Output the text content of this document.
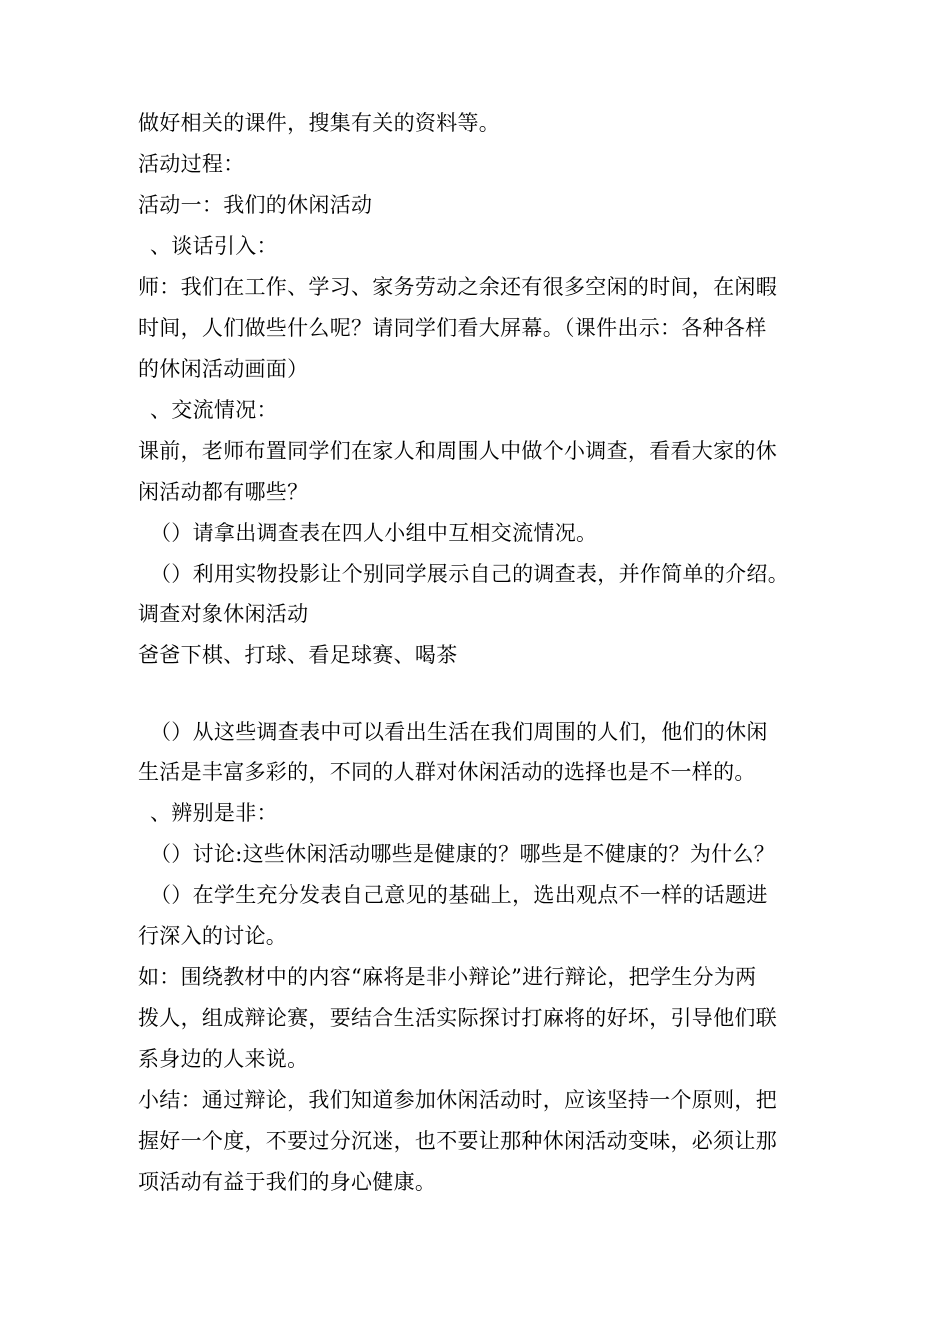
做好相关的课件，搜集有关的资料等。
活动过程：
活动一：我们的休闲活动
、谈话引入：
师：我们在工作、学习、家务劳动之余还有很多空闲的时间，在闲暇
时间，人们做些什么呢？请同学们看大屏幕。（课件出示：各种各样
的休闲活动画面）
、交流情况：
课前，老师布置同学们在家人和周围人中做个小调查，看看大家的休
闲活动都有哪些？
（）请拿出调查表在四人小组中互相交流情况。
（）利用实物投影让个别同学展示自己的调查表，并作简单的介绍。
调查对象休闲活动
爸爸下棋、打球、看足球赛、喝茶
（）从这些调查表中可以看出生活在我们周围的人们，他们的休闲
生活是丰富多彩的，不同的人群对休闲活动的选择也是不一样的。
、辨别是非：
（）讨论:这些休闲活动哪些是健康的？哪些是不健康的？为什么？
（）在学生充分发表自己意见的基础上，选出观点不一样的话题进
行深入的讨论。
如：围绕教材中的内容“麻将是非小辩论”进行辩论，把学生分为两
拨人，组成辩论赛，要结合生活实际探讨打麻将的好坏，引导他们联
系身边的人来说。
小结：通过辩论，我们知道参加休闲活动时，应该坚持一个原则，把
握好一个度，不要过分沉迷，也不要让那种休闲活动变味，必须让那
项活动有益于我们的身心健康。
